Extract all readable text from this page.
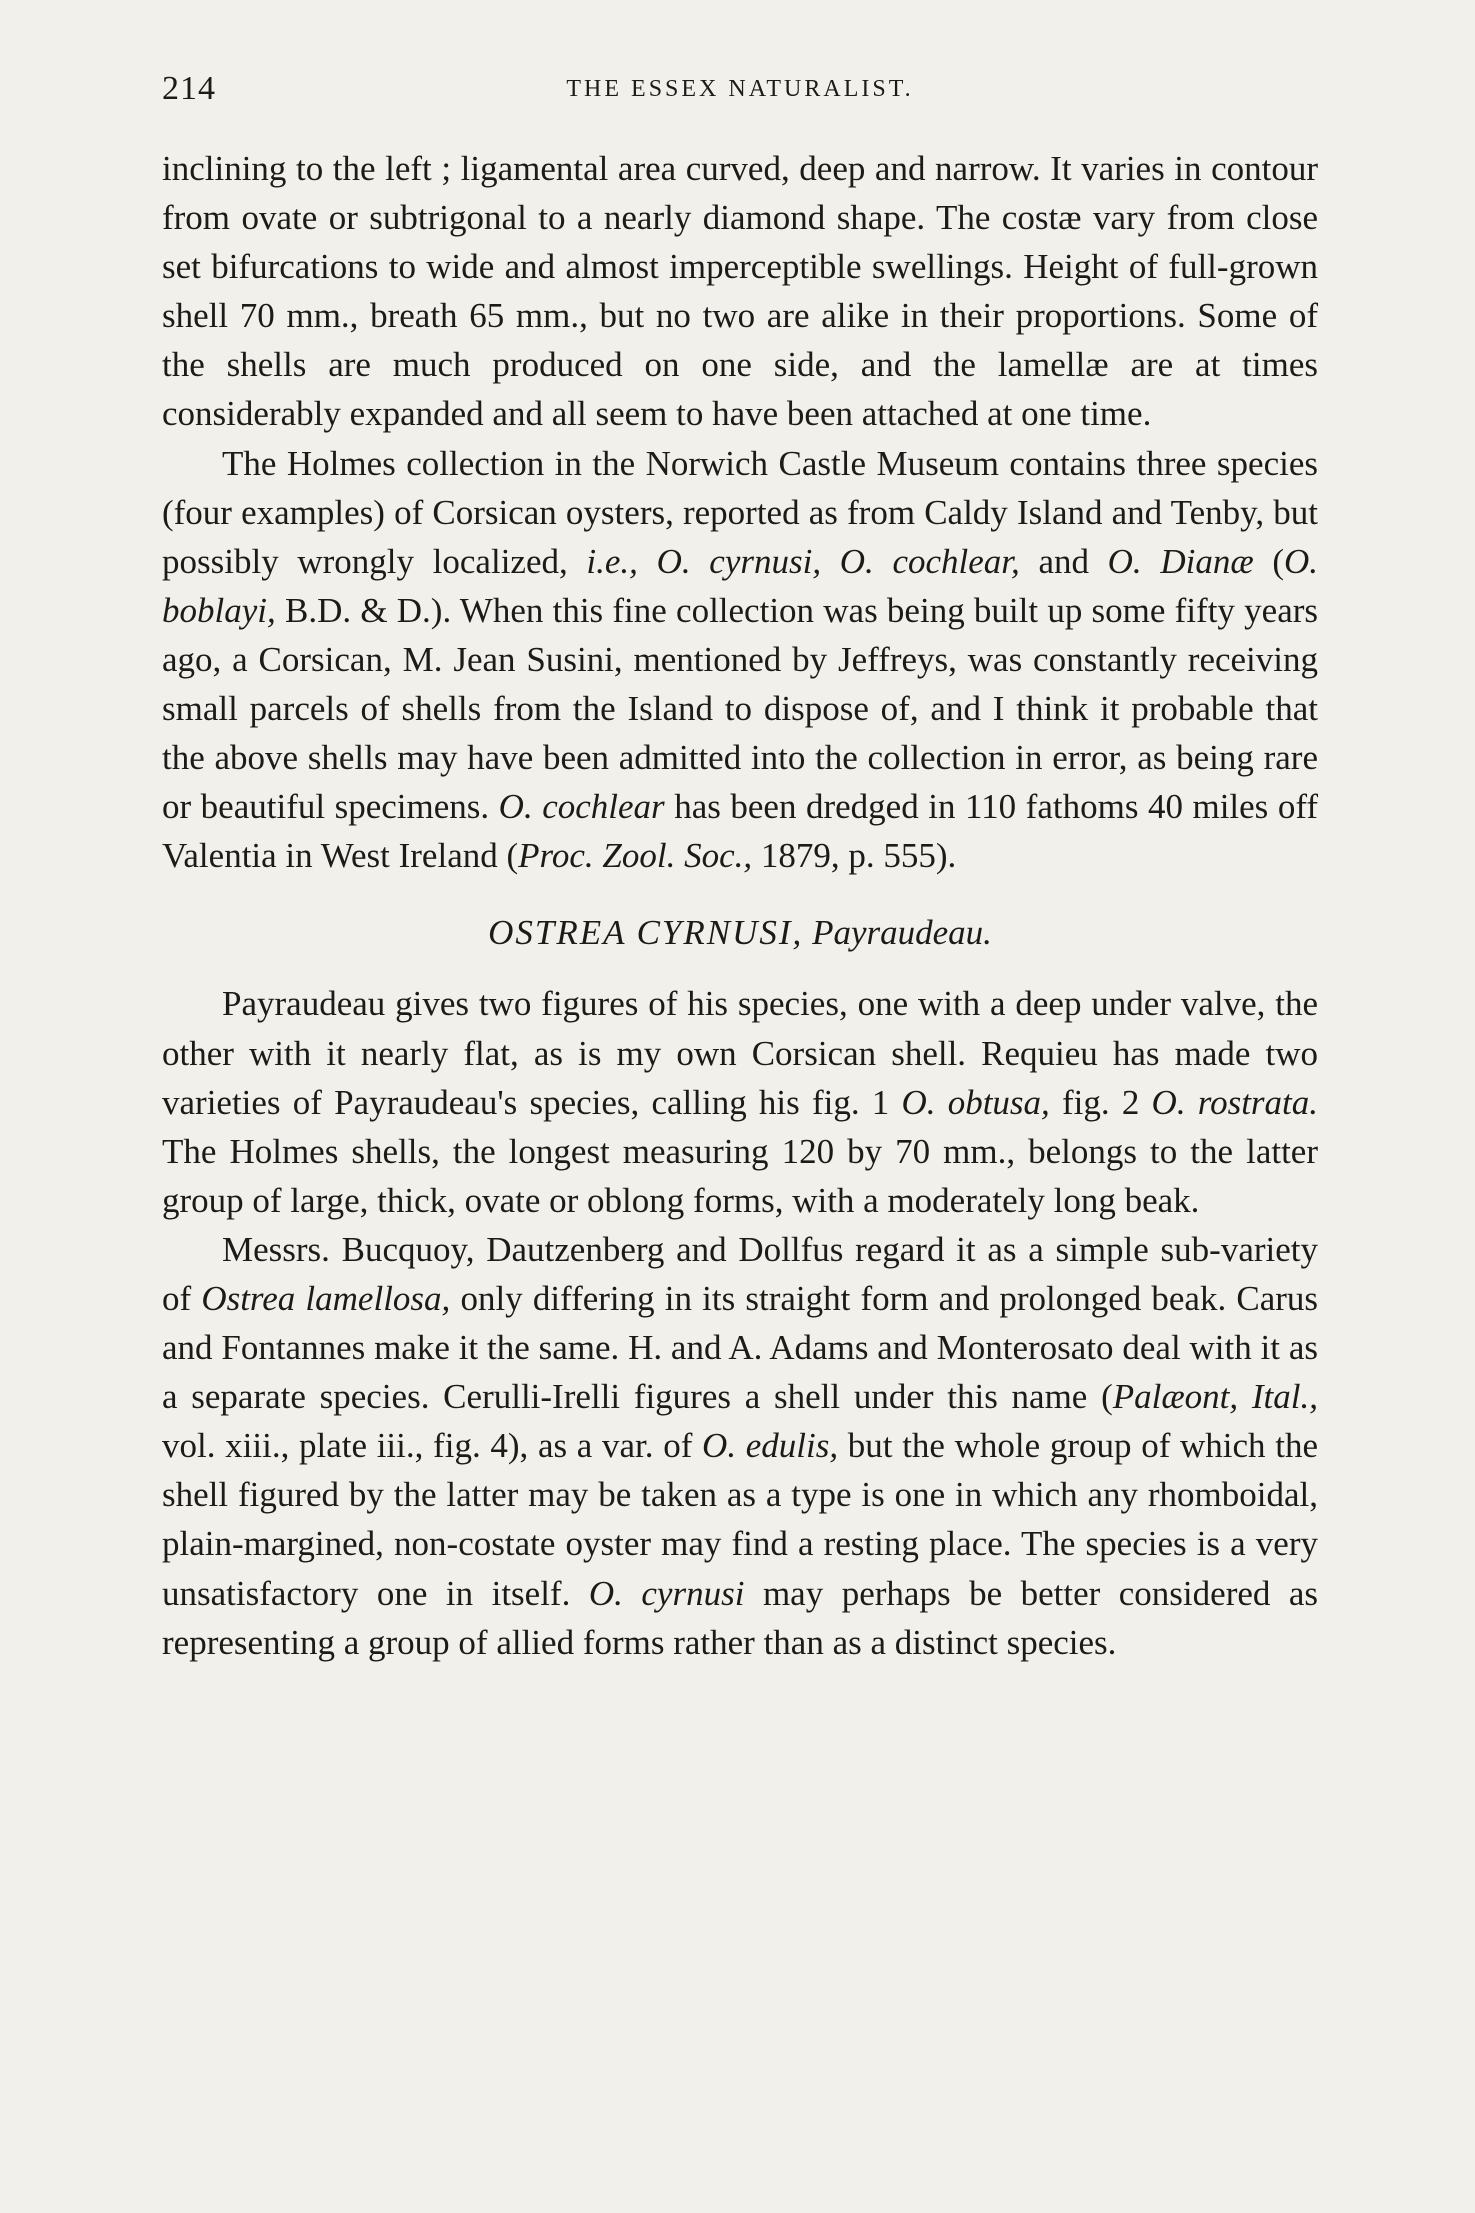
214	THE ESSEX NATURALIST.

inclining to the left ; ligamental area curved, deep and narrow. It varies in contour from ovate or subtrigonal to a nearly diamond shape. The costæ vary from close set bifurcations to wide and almost imperceptible swellings. Height of full-grown shell 70 mm., breath 65 mm., but no two are alike in their proportions. Some of the shells are much produced on one side, and the lamellæ are at times considerably expanded and all seem to have been attached at one time.

The Holmes collection in the Norwich Castle Museum contains three species (four examples) of Corsican oysters, reported as from Caldy Island and Tenby, but possibly wrongly localized, i.e., O. cyrnusi, O. cochlear, and O. Dianæ (O. boblayi, B.D. & D.). When this fine collection was being built up some fifty years ago, a Corsican, M. Jean Susini, mentioned by Jeffreys, was constantly receiving small parcels of shells from the Island to dispose of, and I think it probable that the above shells may have been admitted into the collection in error, as being rare or beautiful specimens. O. cochlear has been dredged in 110 fathoms 40 miles off Valentia in West Ireland (Proc. Zool. Soc., 1879, p. 555).

OSTREA CYRNUSI, Payraudeau.

Payraudeau gives two figures of his species, one with a deep under valve, the other with it nearly flat, as is my own Corsican shell. Requieu has made two varieties of Payraudeau's species, calling his fig. 1 O. obtusa, fig. 2 O. rostrata. The Holmes shells, the longest measuring 120 by 70 mm., belongs to the latter group of large, thick, ovate or oblong forms, with a moderately long beak.

Messrs. Bucquoy, Dautzenberg and Dollfus regard it as a simple sub-variety of Ostrea lamellosa, only differing in its straight form and prolonged beak. Carus and Fontannes make it the same. H. and A. Adams and Monterosato deal with it as a separate species. Cerulli-Irelli figures a shell under this name (Palæont, Ital., vol. xiii., plate iii., fig. 4), as a var. of O. edulis, but the whole group of which the shell figured by the latter may be taken as a type is one in which any rhomboidal, plain-margined, non-costate oyster may find a resting place. The species is a very unsatisfactory one in itself. O. cyrnusi may perhaps be better considered as representing a group of allied forms rather than as a distinct species.
